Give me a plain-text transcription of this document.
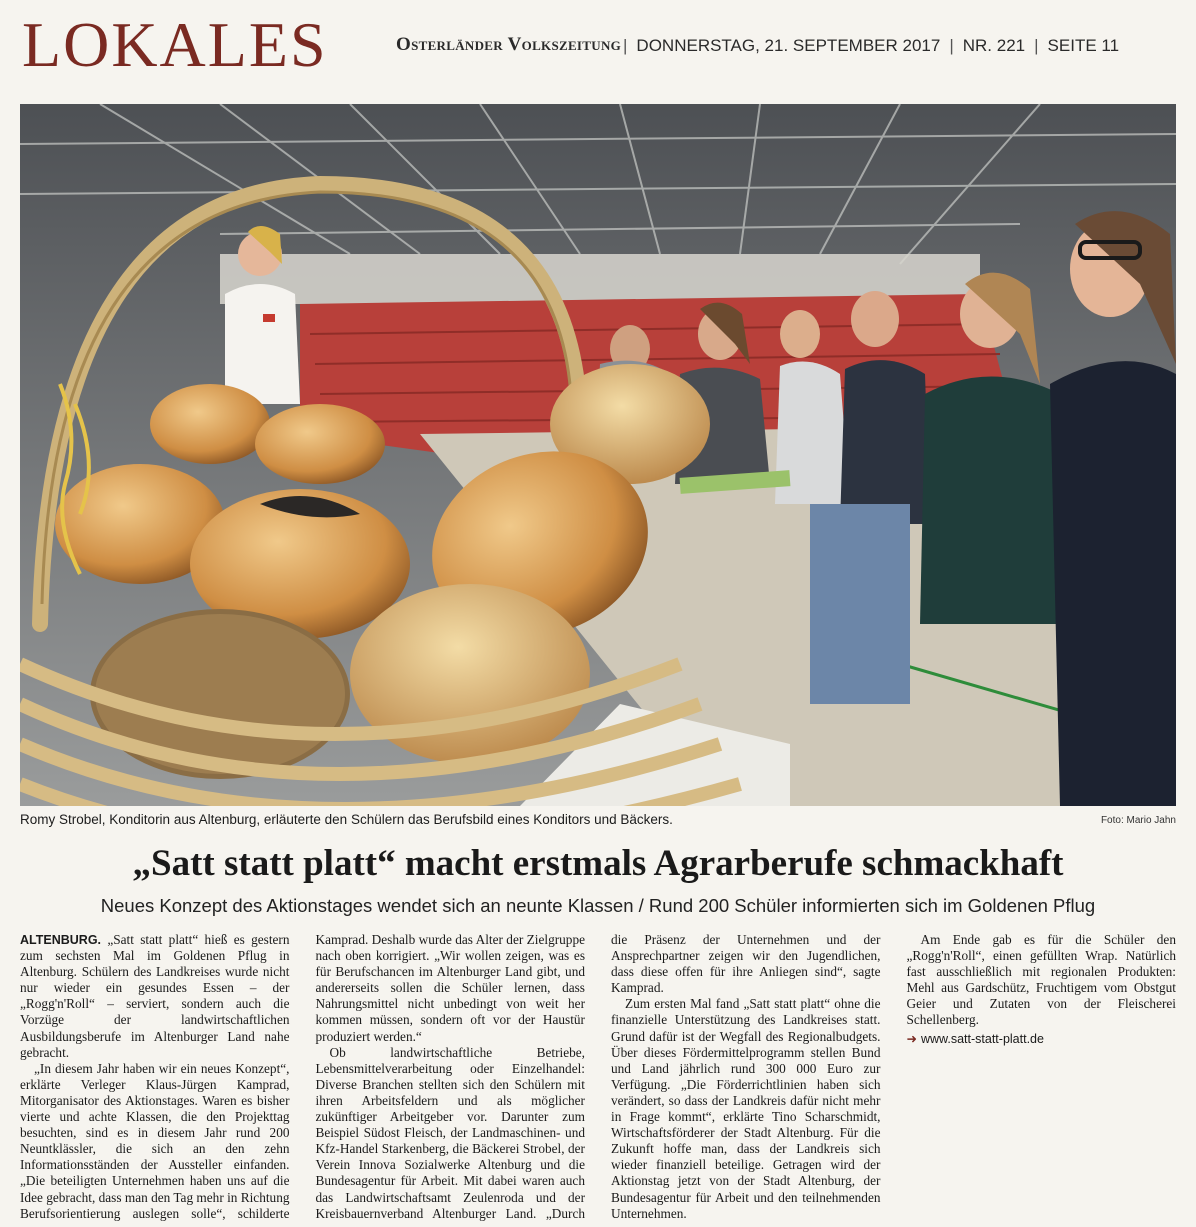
LOKALES	Osterländer Volkszeitung | DONNERSTAG, 21. SEPTEMBER 2017 | NR. 221 | SEITE 11
Romy Strobel, Konditorin aus Altenburg, erläuterte den Schülern das Berufsbild eines Konditors und Bäckers.	Foto: Mario Jahn
„Satt statt platt“ macht erstmals Agrarberufe schmackhaft
Neues Konzept des Aktionstages wendet sich an neunte Klassen / Rund 200 Schüler informierten sich im Goldenen Pflug

ALTENBURG. „Satt statt platt“ hieß es gestern zum sechsten Mal im Goldenen Pflug in Altenburg. Schülern des Landkreises wurde nicht nur wieder ein gesundes Essen – der „Rogg'n'Roll“ – serviert, sondern auch die Vorzüge der landwirtschaftlichen Ausbildungsberufe im Altenburger Land nahe gebracht.

„In diesem Jahr haben wir ein neues Konzept“, erklärte Verleger Klaus-Jürgen Kamprad, Mitorganisator des Aktionstages. Waren es bisher vierte und achte Klassen, die den Projekttag besuchten, sind es in diesem Jahr rund 200 Neuntklässler, die sich an den zehn Informationsständen der Aussteller einfanden. „Die beteiligten Unternehmen haben uns auf die Idee gebracht, dass man den Tag mehr in Richtung Berufsorientierung auslegen solle“, schilderte Kamprad. Deshalb wurde das Alter der Zielgruppe nach oben korrigiert. „Wir wollen zeigen, was es für Berufschancen im Altenburger Land gibt, und andererseits sollen die Schüler lernen, dass Nahrungsmittel nicht unbedingt von weit her kommen müssen, sondern oft vor der Haustür produziert werden.“

Ob landwirtschaftliche Betriebe, Lebensmittelverarbeitung oder Einzelhandel: Diverse Branchen stellten sich den Schülern mit ihren Arbeitsfeldern und als möglicher zukünftiger Arbeitgeber vor. Darunter zum Beispiel Südost Fleisch, der Landmaschinen- und Kfz-Handel Starkenberg, die Bäckerei Strobel, der Verein Innova Sozialwerke Altenburg und die Bundesagentur für Arbeit. Mit dabei waren auch das Landwirtschaftsamt Zeulenroda und der Kreisbauernverband Altenburger Land. „Durch die Präsenz der Unternehmen und der Ansprechpartner zeigen wir den Jugendlichen, dass diese offen für ihre Anliegen sind“, sagte Kamprad.

Zum ersten Mal fand „Satt statt platt“ ohne die finanzielle Unterstützung des Landkreises statt. Grund dafür ist der Wegfall des Regionalbudgets. Über dieses Fördermittelprogramm stellen Bund und Land jährlich rund 300 000 Euro zur Verfügung. „Die Förderrichtlinien haben sich verändert, so dass der Landkreis dafür nicht mehr in Frage kommt“, erklärte Tino Scharschmidt, Wirtschaftsförderer der Stadt Altenburg. Für die Zukunft hoffe man, dass der Landkreis sich wieder finanziell beteilige. Getragen wird der Aktionstag jetzt von der Stadt Altenburg, der Bundesagentur für Arbeit und den teilnehmenden Unternehmen.

Am Ende gab es für die Schüler den „Rogg'n'Roll“, einen gefüllten Wrap. Natürlich fast ausschließlich mit regionalen Produkten: Mehl aus Gardschütz, Fruchtigem vom Obstgut Geier und Zutaten von der Fleischerei Schellenberg.

➜ www.satt-statt-platt.de
